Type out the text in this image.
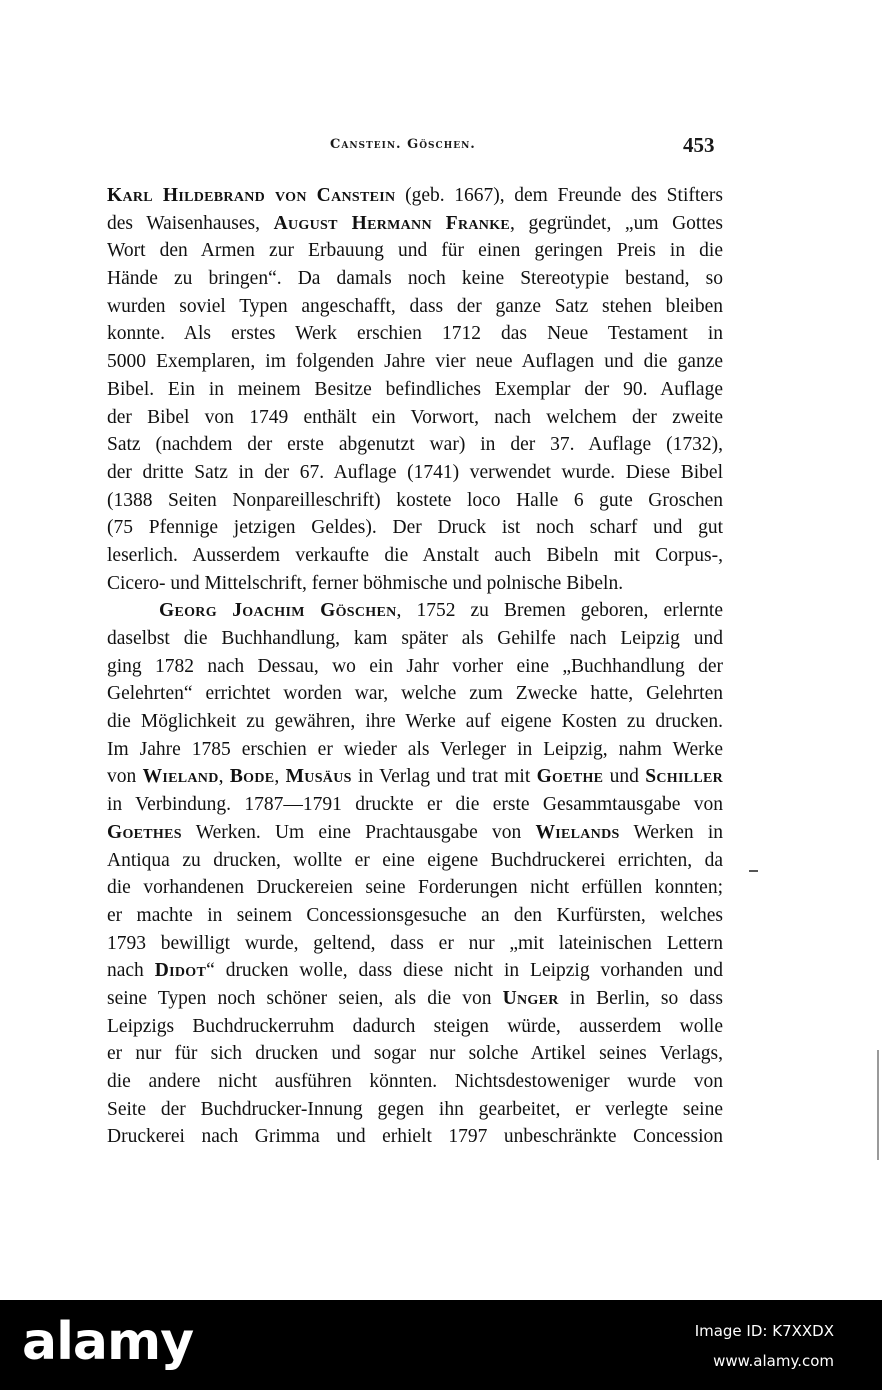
Canstein. Göschen.	453
Karl Hildebrand von Canstein (geb. 1667), dem Freunde des Stifters
des Waisenhauses, August Hermann Franke, gegründet, „um Gottes
Wort den Armen zur Erbauung und für einen geringen Preis in die
Hände zu bringen“. Da damals noch keine Stereotypie bestand, so
wurden soviel Typen angeschafft, dass der ganze Satz stehen bleiben
konnte. Als erstes Werk erschien 1712 das Neue Testament in
5000 Exemplaren, im folgenden Jahre vier neue Auflagen und die ganze
Bibel. Ein in meinem Besitze befindliches Exemplar der 90. Auflage
der Bibel von 1749 enthält ein Vorwort, nach welchem der zweite
Satz (nachdem der erste abgenutzt war) in der 37. Auflage (1732),
der dritte Satz in der 67. Auflage (1741) verwendet wurde. Diese Bibel
(1388 Seiten Nonpareilleschrift) kostete loco Halle 6 gute Groschen
(75 Pfennige jetzigen Geldes). Der Druck ist noch scharf und gut
leserlich. Ausserdem verkaufte die Anstalt auch Bibeln mit Corpus-,
Cicero- und Mittelschrift, ferner böhmische und polnische Bibeln.
Georg Joachim Göschen, 1752 zu Bremen geboren, erlernte
daselbst die Buchhandlung, kam später als Gehilfe nach Leipzig und
ging 1782 nach Dessau, wo ein Jahr vorher eine „Buchhandlung der
Gelehrten“ errichtet worden war, welche zum Zwecke hatte, Gelehrten
die Möglichkeit zu gewähren, ihre Werke auf eigene Kosten zu drucken.
Im Jahre 1785 erschien er wieder als Verleger in Leipzig, nahm Werke
von Wieland, Bode, Musäus in Verlag und trat mit Goethe und Schiller
in Verbindung. 1787—1791 druckte er die erste Gesammtausgabe von
Goethes Werken. Um eine Prachtausgabe von Wielands Werken in
Antiqua zu drucken, wollte er eine eigene Buchdruckerei errichten, da
die vorhandenen Druckereien seine Forderungen nicht erfüllen konnten;
er machte in seinem Concessionsgesuche an den Kurfürsten, welches
1793 bewilligt wurde, geltend, dass er nur „mit lateinischen Lettern
nach Didot“ drucken wolle, dass diese nicht in Leipzig vorhanden und
seine Typen noch schöner seien, als die von Unger in Berlin, so dass
Leipzigs Buchdruckerruhm dadurch steigen würde, ausserdem wolle
er nur für sich drucken und sogar nur solche Artikel seines Verlags,
die andere nicht ausführen könnten. Nichtsdestoweniger wurde von
Seite der Buchdrucker-Innung gegen ihn gearbeitet, er verlegte seine
Druckerei nach Grimma und erhielt 1797 unbeschränkte Concession
alamy	Image ID: K7XXDX
www.alamy.com
